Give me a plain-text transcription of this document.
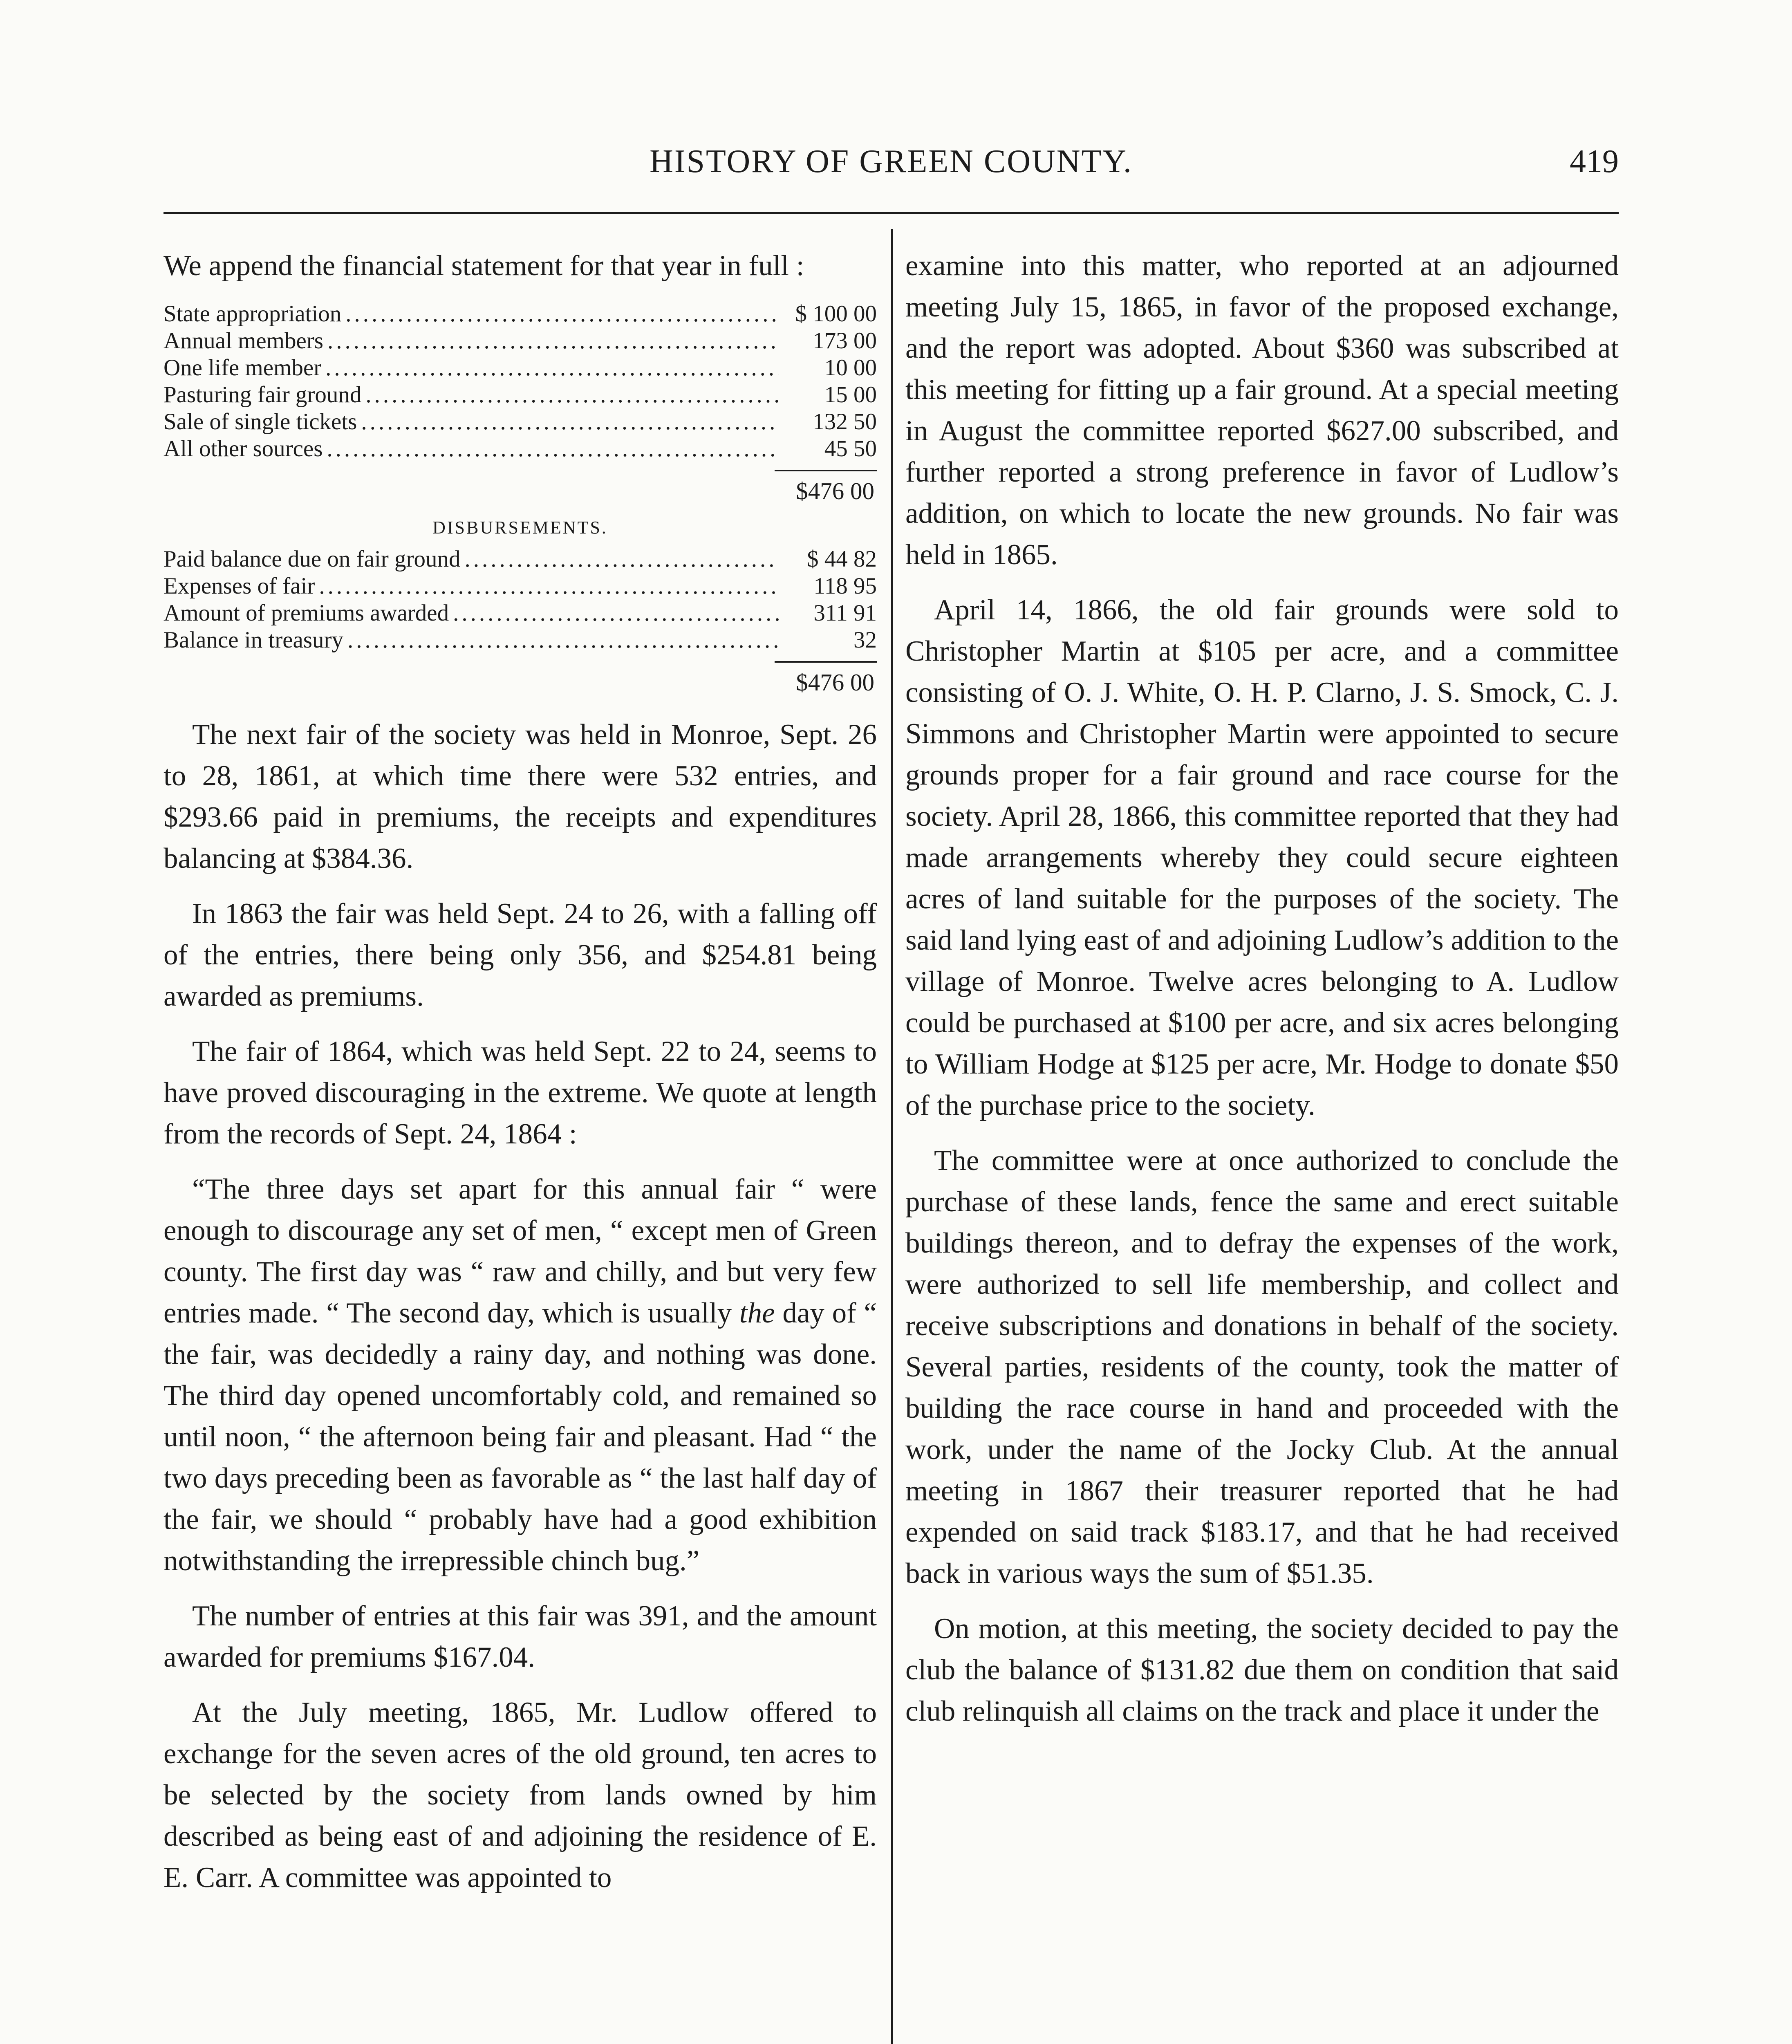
HISTORY OF GREEN COUNTY.	419

We append the financial statement for that year in full :

State appropriation .....	$ 100 00
Annual members .....	173 00
One life member .....	10 00
Pasturing fair ground .....	15 00
Sale of single tickets .....	132 50
All other sources .....	45 50
$476 00
DISBURSEMENTS.
Paid balance due on fair ground .....	$ 44 82
Expenses of fair .....	118 95
Amount of premiums awarded .....	311 91
Balance in treasury .....	32
$476 00

The next fair of the society was held in Monroe, Sept. 26 to 28, 1861, at which time there were 532 entries, and $293.66 paid in premiums, the receipts and expenditures balancing at $384.36.

In 1863 the fair was held Sept. 24 to 26, with a falling off of the entries, there being only 356, and $254.81 being awarded as premiums.

The fair of 1864, which was held Sept. 22 to 24, seems to have proved discouraging in the extreme. We quote at length from the records of Sept. 24, 1864 :

“The three days set apart for this annual fair “ were enough to discourage any set of men, “ except men of Green county. The first day was “ raw and chilly, and but very few entries made. “ The second day, which is usually the day of “ the fair, was decidedly a rainy day, and nothing was done. The third day opened uncomfortably cold, and remained so until noon, “ the afternoon being fair and pleasant. Had “ the two days preceding been as favorable as “ the last half day of the fair, we should “ probably have had a good exhibition notwithstanding the irrepressible chinch bug.”

The number of entries at this fair was 391, and the amount awarded for premiums $167.04.

At the July meeting, 1865, Mr. Ludlow offered to exchange for the seven acres of the old ground, ten acres to be selected by the society from lands owned by him described as being east of and adjoining the residence of E. E. Carr. A committee was appointed to

examine into this matter, who reported at an adjourned meeting July 15, 1865, in favor of the proposed exchange, and the report was adopted. About $360 was subscribed at this meeting for fitting up a fair ground. At a special meeting in August the committee reported $627.00 subscribed, and further reported a strong preference in favor of Ludlow’s addition, on which to locate the new grounds. No fair was held in 1865.

April 14, 1866, the old fair grounds were sold to Christopher Martin at $105 per acre, and a committee consisting of O. J. White, O. H. P. Clarno, J. S. Smock, C. J. Simmons and Christopher Martin were appointed to secure grounds proper for a fair ground and race course for the society. April 28, 1866, this committee reported that they had made arrangements whereby they could secure eighteen acres of land suitable for the purposes of the society. The said land lying east of and adjoining Ludlow’s addition to the village of Monroe. Twelve acres belonging to A. Ludlow could be purchased at $100 per acre, and six acres belonging to William Hodge at $125 per acre, Mr. Hodge to donate $50 of the purchase price to the society.

The committee were at once authorized to conclude the purchase of these lands, fence the same and erect suitable buildings thereon, and to defray the expenses of the work, were authorized to sell life membership, and collect and receive subscriptions and donations in behalf of the society. Several parties, residents of the county, took the matter of building the race course in hand and proceeded with the work, under the name of the Jocky Club. At the annual meeting in 1867 their treasurer reported that he had expended on said track $183.17, and that he had received back in various ways the sum of $51.35.

On motion, at this meeting, the society decided to pay the club the balance of $131.82 due them on condition that said club relinquish all claims on the track and place it under the
